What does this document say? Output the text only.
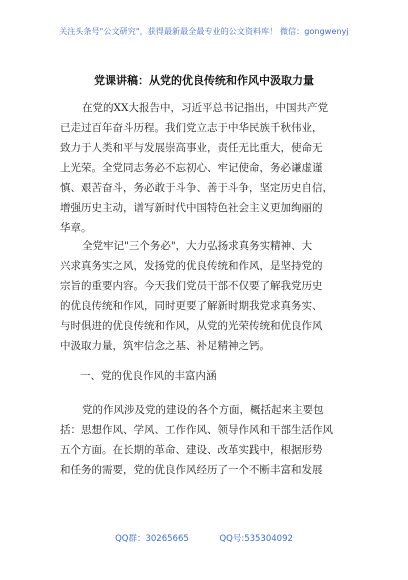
关注头条号"公文研究"，获得最新最全最专业的公文资料库！ 微信：gongwenyj
党课讲稿：从党的优良传统和作风中汲取力量
在党的XX大报告中，习近平总书记指出，中国共产党
已走过百年奋斗历程。我们党立志于中华民族千秋伟业，
致力于人类和平与发展崇高事业，责任无比重大，使命无
上光荣。全党同志务必不忘初心、牢记使命，务必谦虚谨
慎、艰苦奋斗，务必敢于斗争、善于斗争，坚定历史自信，
增强历史主动，谱写新时代中国特色社会主义更加绚丽的
华章。
全党牢记"三个务必"，大力弘扬求真务实精神、大
兴求真务实之风，发扬党的优良传统和作风，是坚持党的
宗旨的重要内容。今天我们党员干部不仅要了解我党历史
的优良传统和作风，同时更要了解新时期我党求真务实、
与时俱进的优良传统和作风，从党的光荣传统和优良作风
中汲取力量，筑牢信念之基、补足精神之钙。
一、党的优良作风的丰富内涵
党的作风涉及党的建设的各个方面，概括起来主要包
括：思想作风、学风、工作作风、领导作风和干部生活作风
五个方面。在长期的革命、建设、改革实践中，根据形势
和任务的需要，党的优良作风经历了一个不断丰富和发展
QQ群：30265665	QQ号:535304092
